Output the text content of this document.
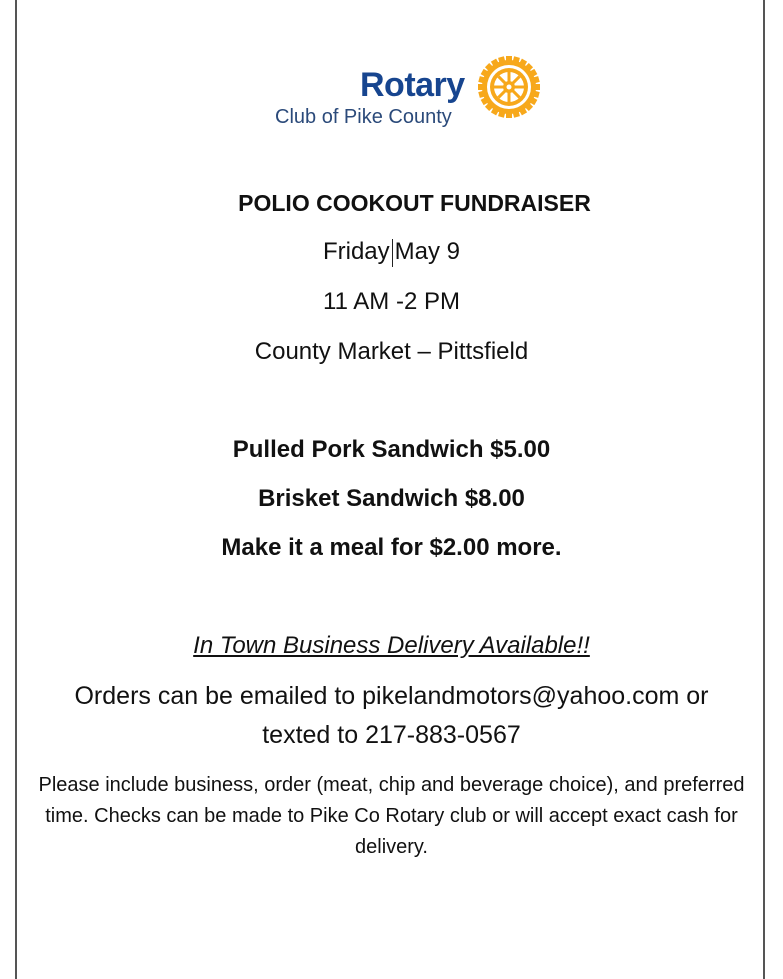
Rotary
Club of Pike County
POLIO COOKOUT FUNDRAISER
Friday May 9
11 AM -2 PM
County Market – Pittsfield
Pulled Pork Sandwich $5.00
Brisket Sandwich $8.00
Make it a meal for $2.00 more.
In Town Business Delivery Available!!
Orders can be emailed to pikelandmotors@yahoo.com or
texted to 217-883-0567
Please include business, order (meat, chip and beverage choice), and preferred time. Checks can be made to Pike Co Rotary club or will accept exact cash for delivery.
